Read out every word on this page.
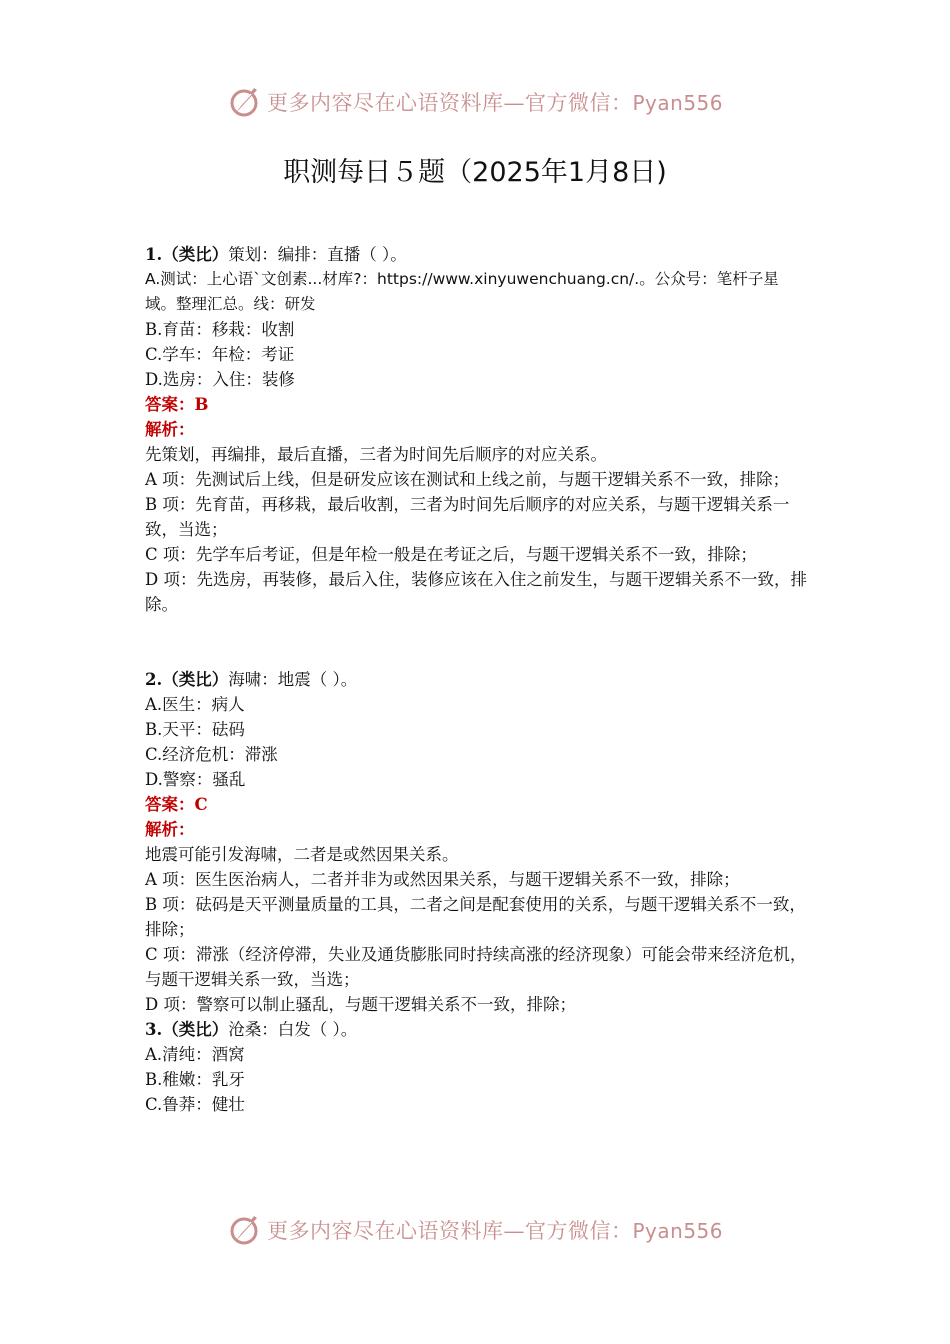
更多内容尽在心语资料库—官方微信：Pyan556
职测每日５题（2025年1月8日)
1.（类比）策划：编排：直播（ ）。
A.测试：上心语`文创素...材库?：https://www.xinyuwenchuang.cn/.。公众号：笔杆子星域。整理汇总。线：研发
B.育苗：移栽：收割
C.学车：年检：考证
D.选房：入住：装修
答案：B
解析：
先策划，再编排，最后直播，三者为时间先后顺序的对应关系。
A 项：先测试后上线，但是研发应该在测试和上线之前，与题干逻辑关系不一致，排除；
B 项：先育苗，再移栽，最后收割，三者为时间先后顺序的对应关系，与题干逻辑关系一致，当选；
C 项：先学车后考证，但是年检一般是在考证之后，与题干逻辑关系不一致，排除；
D 项：先选房，再装修，最后入住，装修应该在入住之前发生，与题干逻辑关系不一致，排除。
2.（类比）海啸：地震（ ）。
A.医生：病人
B.天平：砝码
C.经济危机：滞涨
D.警察：骚乱
答案：C
解析：
地震可能引发海啸，二者是或然因果关系。
A 项：医生医治病人，二者并非为或然因果关系，与题干逻辑关系不一致，排除；
B 项：砝码是天平测量质量的工具，二者之间是配套使用的关系，与题干逻辑关系不一致，排除；
C 项：滞涨（经济停滞，失业及通货膨胀同时持续高涨的经济现象）可能会带来经济危机，与题干逻辑关系一致，当选；
D 项：警察可以制止骚乱，与题干逻辑关系不一致，排除；
3.（类比）沧桑：白发（ ）。
A.清纯：酒窝
B.稚嫩：乳牙
C.鲁莽：健壮
更多内容尽在心语资料库—官方微信：Pyan556
